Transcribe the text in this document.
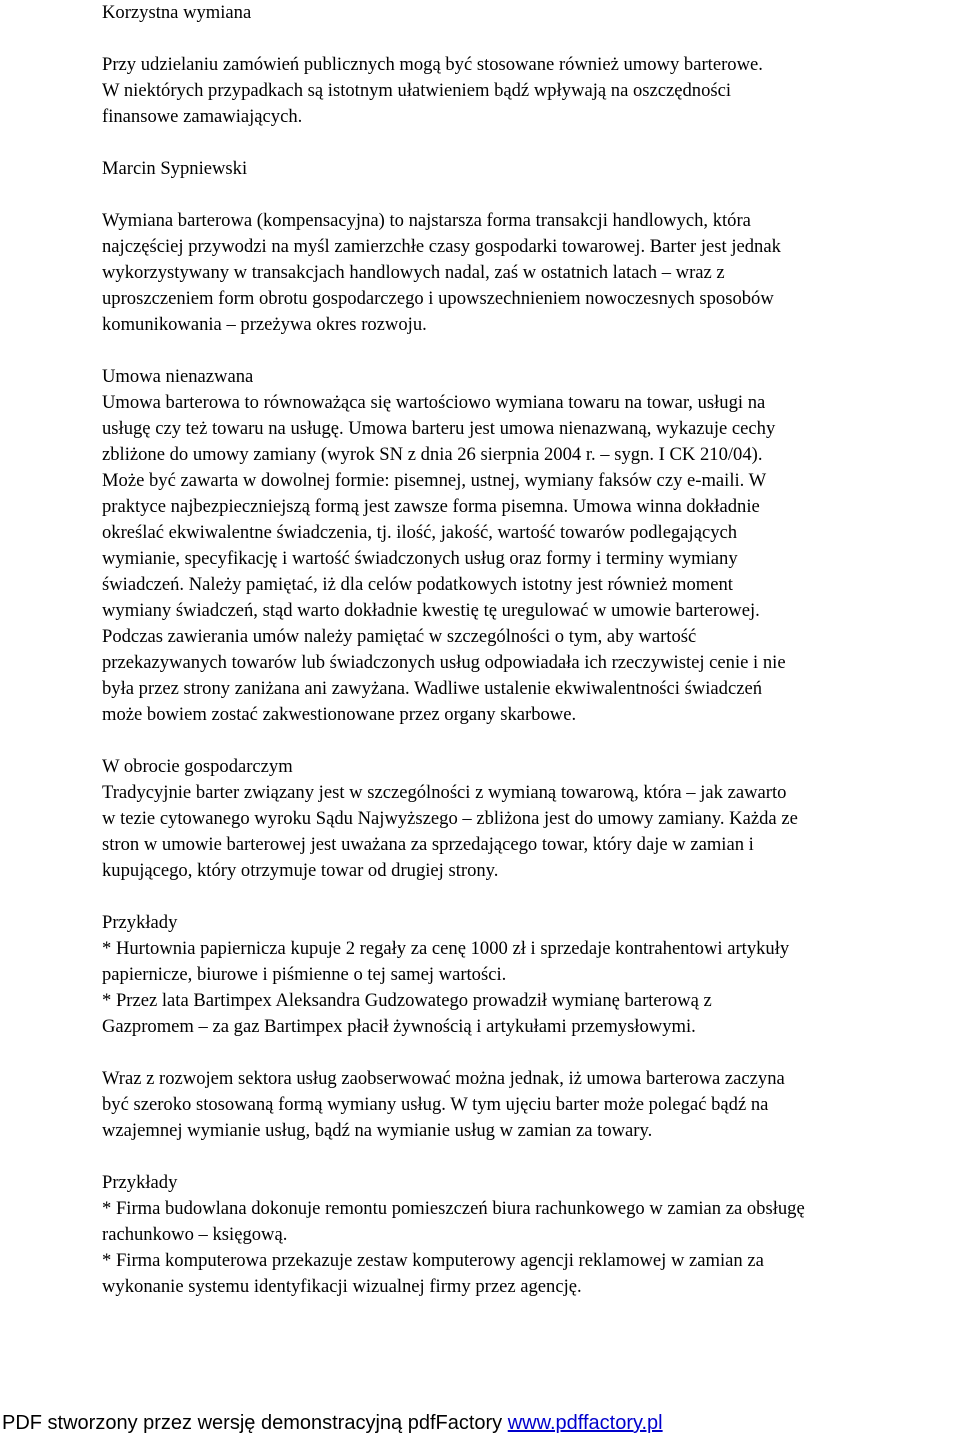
Korzystna wymiana

Przy udzielaniu zamówień publicznych mogą być stosowane również umowy barterowe.
W niektórych przypadkach są istotnym ułatwieniem bądź wpływają na oszczędności
finansowe zamawiających.

Marcin Sypniewski

Wymiana barterowa (kompensacyjna) to najstarsza forma transakcji handlowych, która
najczęściej przywodzi na myśl zamierzchłe czasy gospodarki towarowej. Barter jest jednak
wykorzystywany w transakcjach handlowych nadal, zaś w ostatnich latach – wraz z
uproszczeniem form obrotu gospodarczego i upowszechnieniem nowoczesnych sposobów
komunikowania – przeżywa okres rozwoju.

Umowa nienazwana

Umowa barterowa to równoważąca się wartościowo wymiana towaru na towar, usługi na
usługę czy też towaru na usługę. Umowa barteru jest umowa nienazwaną, wykazuje cechy
zbliżone do umowy zamiany (wyrok SN z dnia 26 sierpnia 2004 r. – sygn. I CK 210/04).
Może być zawarta w dowolnej formie: pisemnej, ustnej, wymiany faksów czy e-maili. W
praktyce najbezpieczniejszą formą jest zawsze forma pisemna. Umowa winna dokładnie
określać ekwiwalentne świadczenia, tj. ilość, jakość, wartość towarów podlegających
wymianie, specyfikację i wartość świadczonych usług oraz formy i terminy wymiany
świadczeń. Należy pamiętać, iż dla celów podatkowych istotny jest również moment
wymiany świadczeń, stąd warto dokładnie kwestię tę uregulować w umowie barterowej.
Podczas zawierania umów należy pamiętać w szczególności o tym, aby wartość
przekazywanych towarów lub świadczonych usług odpowiadała ich rzeczywistej cenie i nie
była przez strony zaniżana ani zawyżana. Wadliwe ustalenie ekwiwalentności świadczeń
może bowiem zostać zakwestionowane przez organy skarbowe.

W obrocie gospodarczym

Tradycyjnie barter związany jest w szczególności z wymianą towarową, która – jak zawarto
w tezie cytowanego wyroku Sądu Najwyższego – zbliżona jest do umowy zamiany. Każda ze
stron w umowie barterowej jest uważana za sprzedającego towar, który daje w zamian i
kupującego, który otrzymuje towar od drugiej strony.

Przykłady

* Hurtownia papiernicza kupuje 2 regały za cenę 1000 zł i sprzedaje kontrahentowi artykuły
papiernicze, biurowe i piśmienne o tej samej wartości.

* Przez lata Bartimpex Aleksandra Gudzowatego prowadził wymianę barterową z
Gazpromem – za gaz Bartimpex płacił żywnością i artykułami przemysłowymi.

Wraz z rozwojem sektora usług zaobserwować można jednak, iż umowa barterowa zaczyna
być szeroko stosowaną formą wymiany usług. W tym ujęciu barter może polegać bądź na
wzajemnej wymianie usług, bądź na wymianie usług w zamian za towary.

Przykłady

* Firma budowlana dokonuje remontu pomieszczeń biura rachunkowego w zamian za obsługę
rachunkowo – księgową.

* Firma komputerowa przekazuje zestaw komputerowy agencji reklamowej w zamian za
wykonanie systemu identyfikacji wizualnej firmy przez agencję.

PDF stworzony przez wersję demonstracyjną pdfFactory www.pdffactory.pl
